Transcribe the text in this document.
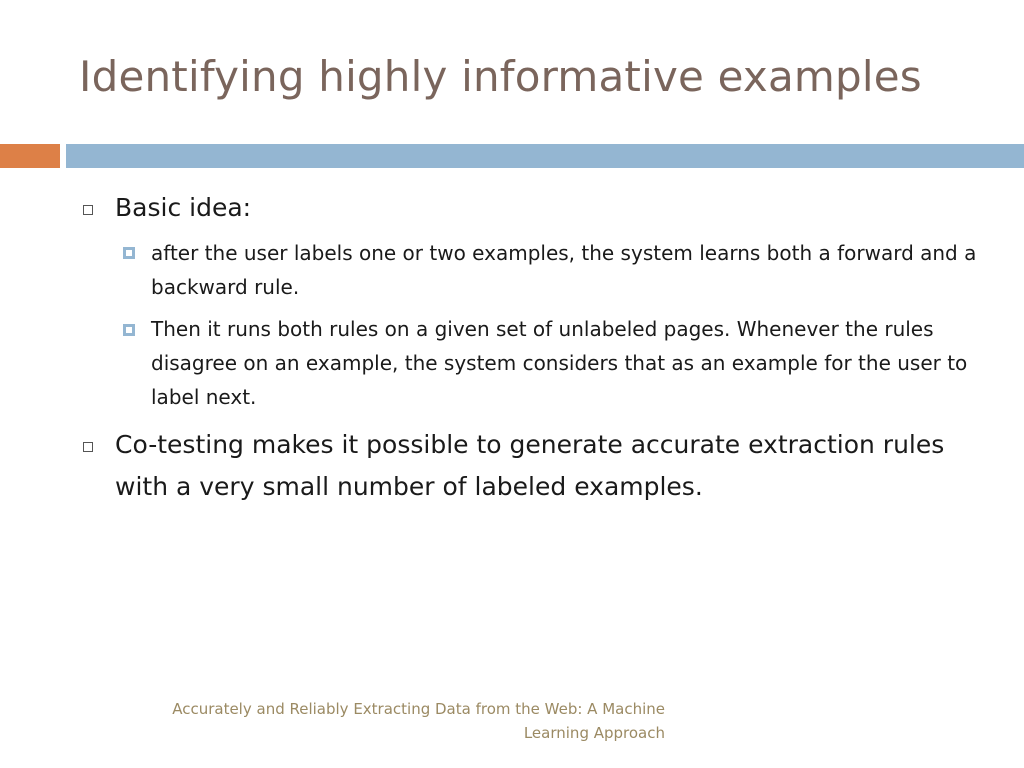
Identifying highly informative examples
Basic idea:
after the user labels one or two examples, the system learns both a forward and a backward rule.
Then it runs both rules on a given set of unlabeled pages. Whenever the rules disagree on an example, the system considers that as an example for the user to label next.
Co-testing makes it possible to generate accurate extraction rules with a very small number of labeled examples.
Accurately and Reliably Extracting Data from the Web: A Machine Learning Approach
